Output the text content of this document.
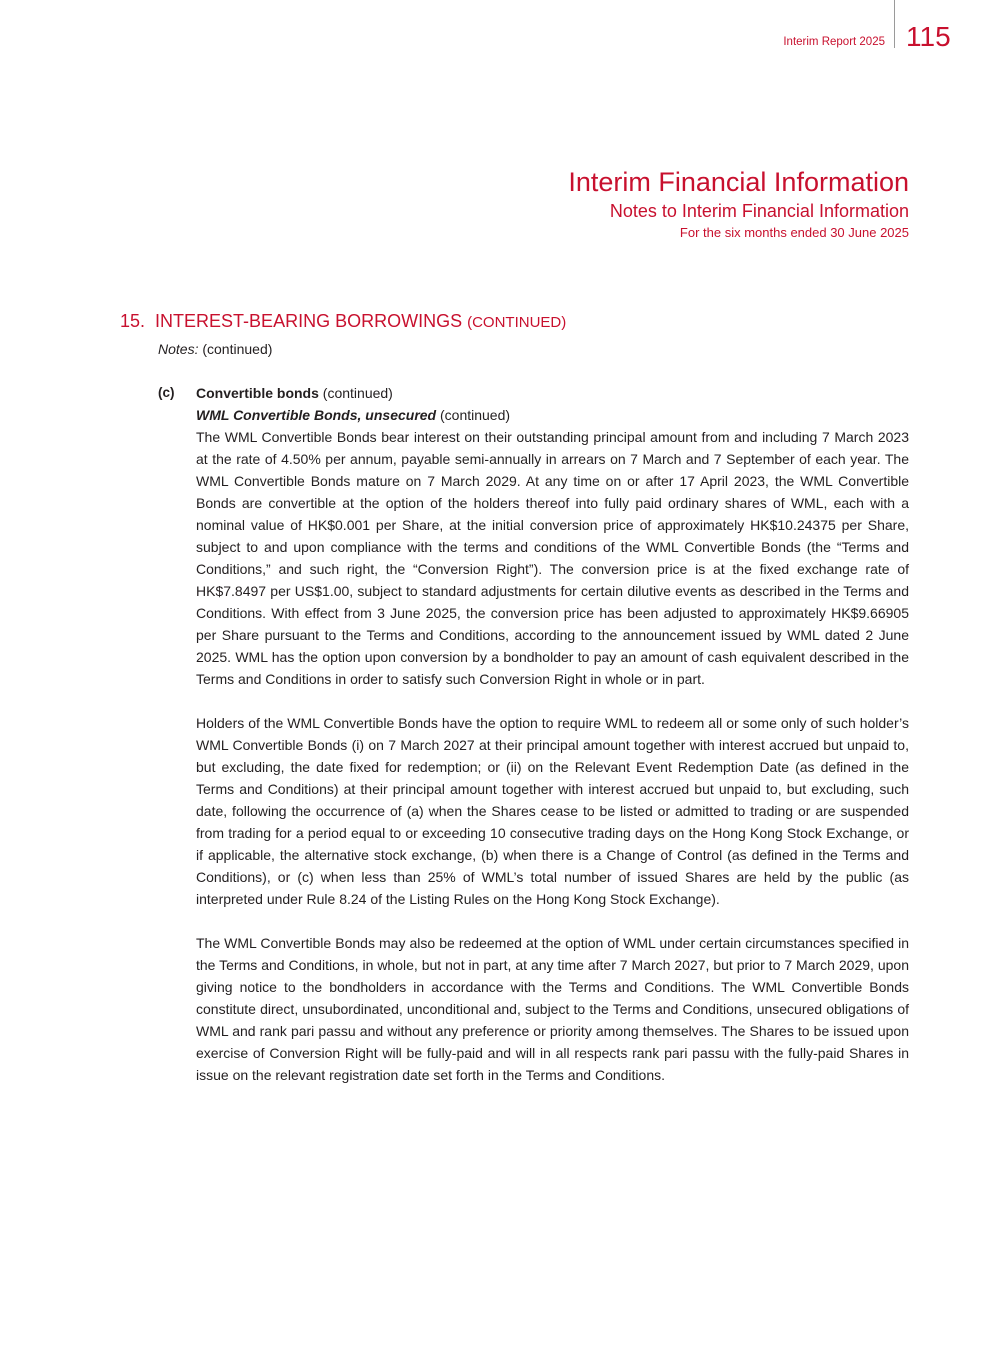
Interim Report 2025 115
Interim Financial Information
Notes to Interim Financial Information
For the six months ended 30 June 2025
15. INTEREST-BEARING BORROWINGS (CONTINUED)
Notes: (continued)
(c) Convertible bonds (continued)
WML Convertible Bonds, unsecured (continued)

The WML Convertible Bonds bear interest on their outstanding principal amount from and including 7 March 2023 at the rate of 4.50% per annum, payable semi-annually in arrears on 7 March and 7 September of each year. The WML Convertible Bonds mature on 7 March 2029. At any time on or after 17 April 2023, the WML Convertible Bonds are convertible at the option of the holders thereof into fully paid ordinary shares of WML, each with a nominal value of HK$0.001 per Share, at the initial conversion price of approximately HK$10.24375 per Share, subject to and upon compliance with the terms and conditions of the WML Convertible Bonds (the “Terms and Conditions,” and such right, the “Conversion Right”). The conversion price is at the fixed exchange rate of HK$7.8497 per US$1.00, subject to standard adjustments for certain dilutive events as described in the Terms and Conditions. With effect from 3 June 2025, the conversion price has been adjusted to approximately HK$9.66905 per Share pursuant to the Terms and Conditions, according to the announcement issued by WML dated 2 June 2025. WML has the option upon conversion by a bondholder to pay an amount of cash equivalent described in the Terms and Conditions in order to satisfy such Conversion Right in whole or in part.

Holders of the WML Convertible Bonds have the option to require WML to redeem all or some only of such holder’s WML Convertible Bonds (i) on 7 March 2027 at their principal amount together with interest accrued but unpaid to, but excluding, the date fixed for redemption; or (ii) on the Relevant Event Redemption Date (as defined in the Terms and Conditions) at their principal amount together with interest accrued but unpaid to, but excluding, such date, following the occurrence of (a) when the Shares cease to be listed or admitted to trading or are suspended from trading for a period equal to or exceeding 10 consecutive trading days on the Hong Kong Stock Exchange, or if applicable, the alternative stock exchange, (b) when there is a Change of Control (as defined in the Terms and Conditions), or (c) when less than 25% of WML’s total number of issued Shares are held by the public (as interpreted under Rule 8.24 of the Listing Rules on the Hong Kong Stock Exchange).

The WML Convertible Bonds may also be redeemed at the option of WML under certain circumstances specified in the Terms and Conditions, in whole, but not in part, at any time after 7 March 2027, but prior to 7 March 2029, upon giving notice to the bondholders in accordance with the Terms and Conditions. The WML Convertible Bonds constitute direct, unsubordinated, unconditional and, subject to the Terms and Conditions, unsecured obligations of WML and rank pari passu and without any preference or priority among themselves. The Shares to be issued upon exercise of Conversion Right will be fully-paid and will in all respects rank pari passu with the fully-paid Shares in issue on the relevant registration date set forth in the Terms and Conditions.
